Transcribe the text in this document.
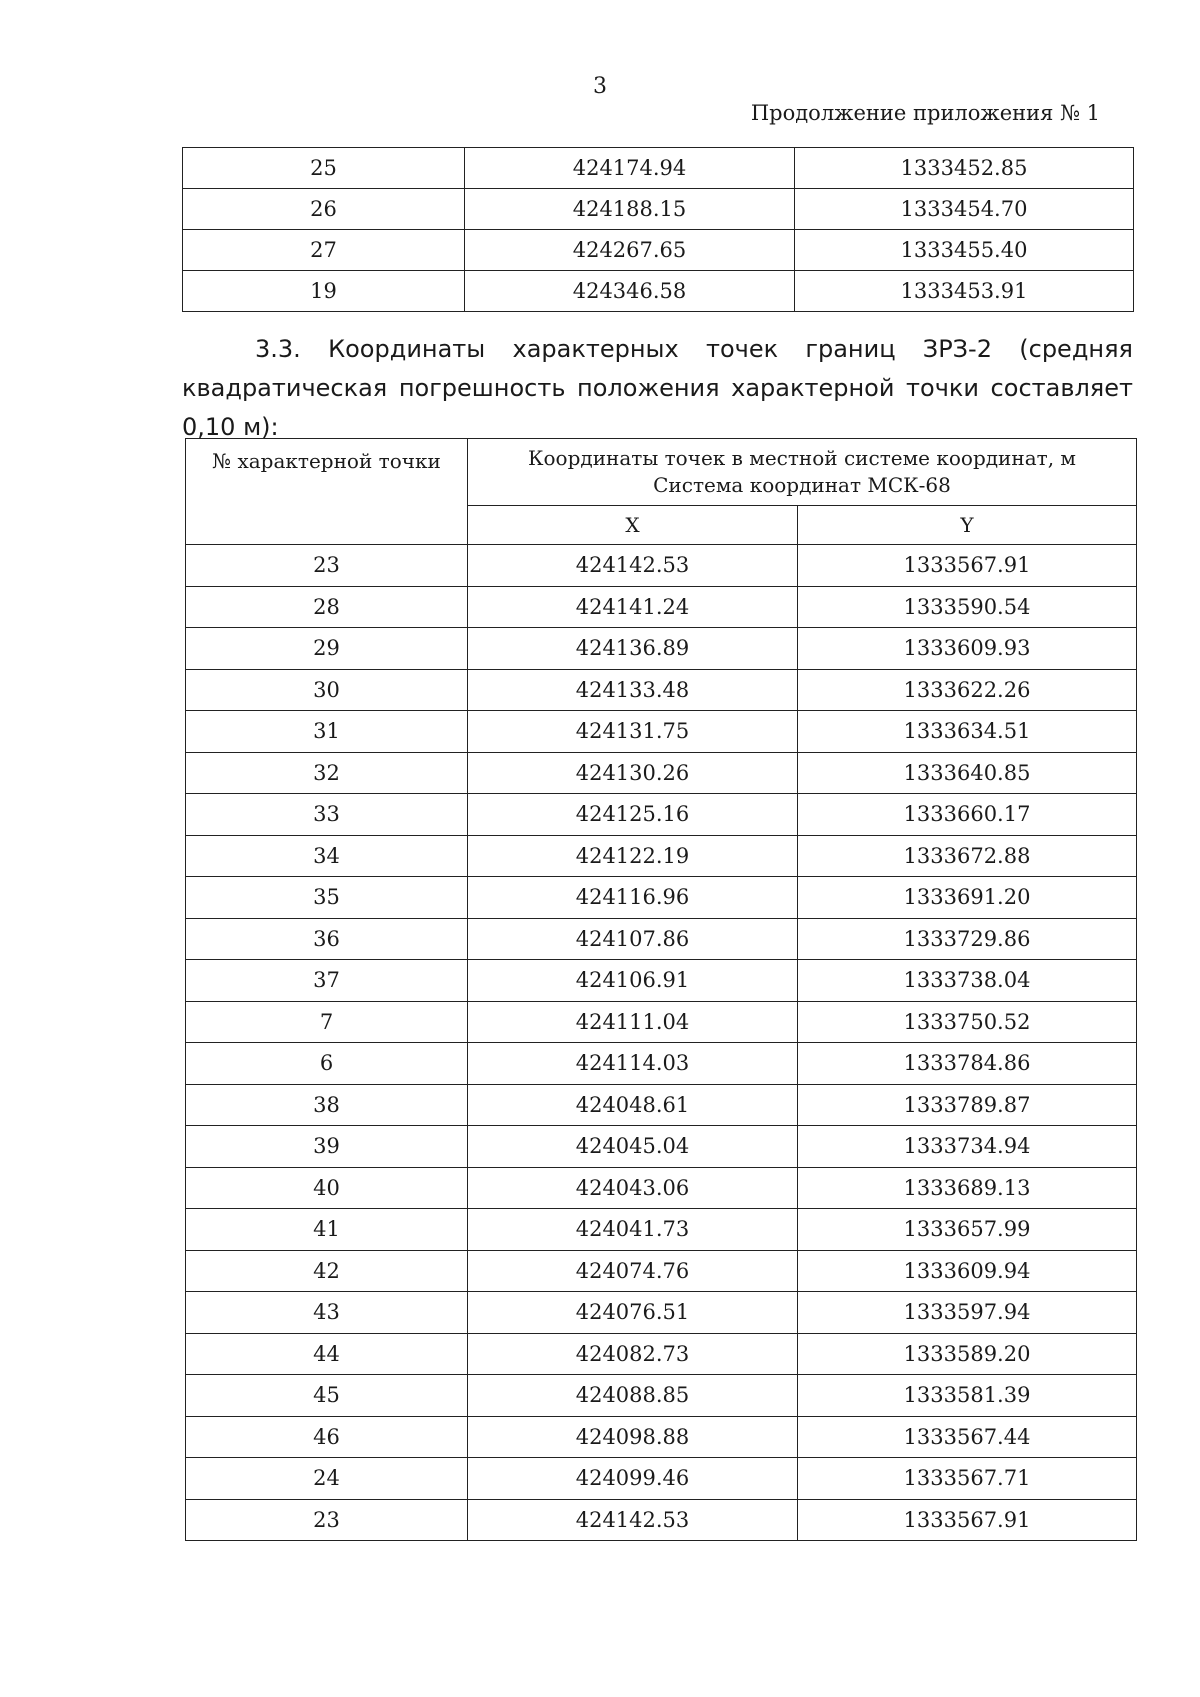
3
Продолжение приложения № 1
25	424174.94	1333452.85
26	424188.15	1333454.70
27	424267.65	1333455.40
19	424346.58	1333453.91
3.3. Координаты характерных точек границ ЗРЗ-2 (средняя квадратическая погрешность положения характерной точки составляет 0,10 м):
№ характерной точки	Координаты точек в местной системе координат, м
Система координат МСК-68	

	X	Y
23	424142.53	1333567.91
28	424141.24	1333590.54
29	424136.89	1333609.93
30	424133.48	1333622.26
31	424131.75	1333634.51
32	424130.26	1333640.85
33	424125.16	1333660.17
34	424122.19	1333672.88
35	424116.96	1333691.20
36	424107.86	1333729.86
37	424106.91	1333738.04
7	424111.04	1333750.52
6	424114.03	1333784.86
38	424048.61	1333789.87
39	424045.04	1333734.94
40	424043.06	1333689.13
41	424041.73	1333657.99
42	424074.76	1333609.94
43	424076.51	1333597.94
44	424082.73	1333589.20
45	424088.85	1333581.39
46	424098.88	1333567.44
24	424099.46	1333567.71
23	424142.53	1333567.91
